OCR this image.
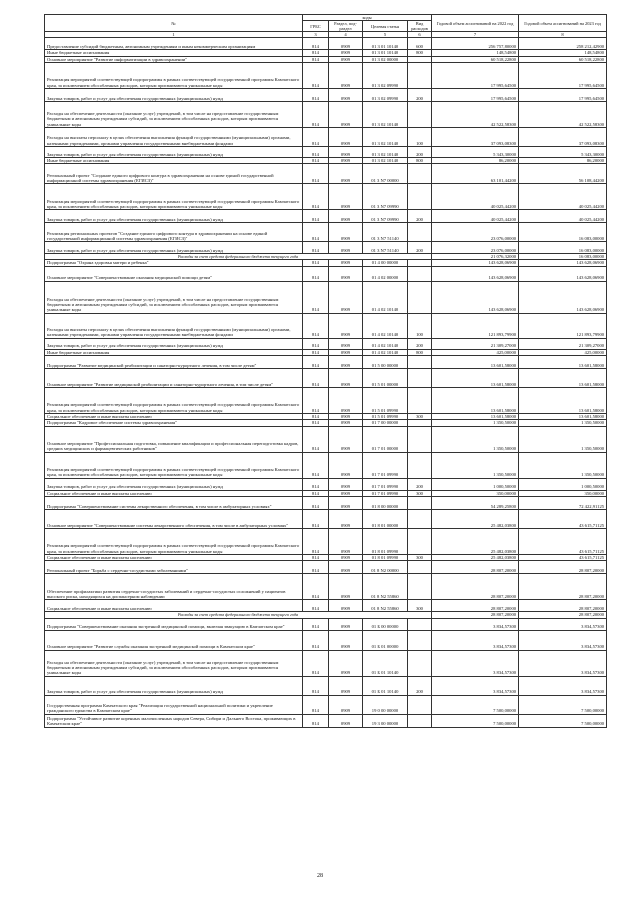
№	коды				Годовой объем ассигнований на 2022 год	Годовой объем ассигнований на 2023 год
	ГРБС	Раздел, под-раздел	Целевая статья	Вид расходов		
1	3	4	5	6	7	8
Предоставление субсидий бюджетным, автономным учреждениям и иным некоммерческим организациям	814	0909	01 3 01 10140	600	256 757,80000	258 212,42900
Иные бюджетные ассигнования	814	0909	01 3 01 10140	800	148,54800	148,54800
Основное мероприятие "Развитие информатизации в здравоохранении"	814	0909	01 3 02 00000		60 518,22800	60 518,22800
Реализация мероприятий соответствующей подпрограммы в рамках соответствующей государственной программы Камчатского края, за исключением обособленных расходов, которым присваиваются уникальные коды	814	0909	01 3 02 09990		17 995,64500	17 995,64500
Закупка товаров, работ и услуг для обеспечения государственных (муниципальных) нужд	814	0909	01 3 02 09990	200	17 995,64500	17 995,64500
Расходы на обеспечение деятельности (оказание услуг) учреждений, в том числе на предоставление государственным бюджетным и автономным учреждениям субсидий, за исключением обособленных расходов, которым присваиваются уникальные коды	814	0909	01 3 02 10140		42 522,58300	42 522,58300
Расходы на выплаты персоналу в целях обеспечения выполнения функций государственными (муниципальными) органами, казенными учреждениями, органами управления государственными внебюджетными фондами	814	0909	01 3 02 10140	100	37 093,08300	37 093,08300
Закупка товаров, работ и услуг для обеспечения государственных (муниципальных) нужд	814	0909	01 3 02 10140	200	5 343,30000	5 343,30000
Иные бюджетные ассигнования	814	0909	01 3 02 10140	800	86,20000	86,20000
Региональный проект "Создание единого цифрового контура в здравоохранении на основе единой государственной информационной системы здравоохранения (ЕГИСЗ)"	814	0909	01 3 N7 00000		63 101,44200	56 108,44200
Реализация мероприятий соответствующей подпрограммы в рамках соответствующей государственной программы Камчатского края, за исключением обособленных расходов, которым присваиваются уникальные коды	814	0909	01 3 N7 09990		40 025,44200	40 025,44200
Закупка товаров, работ и услуг для обеспечения государственных (муниципальных) нужд	814	0909	01 3 N7 09990	200	40 025,44200	40 025,44200
Реализация региональных проектов "Создание единого цифрового контура в здравоохранении на основе единой государственной информационной системы здравоохранения (ЕГИСЗ)"	814	0909	01 3 N7 51140		23 076,00000	16 083,00000
Закупка товаров, работ и услуг для обеспечения государственных (муниципальных) нужд	814	0909	01 3 N7 51140	200	23 076,00000	16 083,00000
Расходы за счет средств федерального бюджета текущего года					21 076,32000	16 083,00000
Подпрограмма "Охрана здоровья матери и ребенка"	814	0909	01 4 00 00000		143 628,06900	143 628,06900
Основное мероприятие "Совершенствование оказания медицинской помощи детям"	814	0909	01 4 02 00000		143 628,06900	143 628,06900
Расходы на обеспечение деятельности (оказание услуг) учреждений, в том числе на предоставление государственным бюджетным и автономным учреждениям субсидий, за исключением обособленных расходов, которым присваиваются уникальные коды	814	0909	01 4 02 10140		143 628,06900	143 628,06900
Расходы на выплаты персоналу в целях обеспечения выполнения функций государственными (муниципальными) органами, казенными учреждениями, органами управления государственными внебюджетными фондами	814	0909	01 4 02 10140	100	121 893,79900	121 893,79900
Закупка товаров, работ и услуг для обеспечения государственных (муниципальных) нужд	814	0909	01 4 02 10140	200	21 309,27000	21 309,27000
Иные бюджетные ассигнования	814	0909	01 4 02 10140	800	425,00000	425,00000
Подпрограмма "Развитие медицинской реабилитации и санаторно-курортного лечения, в том числе детям"	814	0909	01 5 00 00000		13 601,58000	13 601,58000
Основное мероприятие "Развитие медицинской реабилитации и санаторно-курортного лечения, в том числе детям"	814	0909	01 5 01 00000		13 601,58000	13 601,58000
Реализация мероприятий соответствующей подпрограммы в рамках соответствующей государственной программы Камчатского края, за исключением обособленных расходов, которым присваиваются уникальные коды	814	0909	01 5 01 09990		13 601,58000	13 601,58000
Социальное обеспечение и иные выплаты населению	814	0909	01 5 01 09990	300	13 601,58000	13 601,58000
Подпрограмма "Кадровое обеспечение системы здравоохранения"	814	0909	01 7 00 00000		1 350,50000	1 350,50000
Основное мероприятие "Профессиональная подготовка, повышение квалификации и профессиональная переподготовка кадров, средних медицинских и фармацевтических работников"	814	0909	01 7 01 00000		1 350,50000	1 350,50000
Реализация мероприятий соответствующей подпрограммы в рамках соответствующей государственной программы Камчатского края, за исключением обособленных расходов, которым присваиваются уникальные коды	814	0909	01 7 01 09990		1 350,50000	1 350,50000
Закупка товаров, работ и услуг для обеспечения государственных (муниципальных) нужд	814	0909	01 7 01 09990	200	1 000,50000	1 000,50000
Социальное обеспечение и иные выплаты населению	814	0909	01 7 01 09990	300	350,00000	350,00000
Подпрограмма "Совершенствование системы лекарственного обеспечения, в том числе в амбулаторных условиях"	814	0909	01 8 00 00000		54 289,25800	72 422,91125
Основное мероприятие "Совершенствование системы лекарственного обеспечения, в том числе в амбулаторных условиях"	814	0909	01 8 01 00000		25 482,03800	43 615,71125
Реализация мероприятий соответствующей подпрограммы в рамках соответствующей государственной программы Камчатского края, за исключением обособленных расходов, которым присваиваются уникальные коды	814	0909	01 8 01 09990		25 482,03800	43 615,71125
Социальное обеспечение и иные выплаты населению	814	0909	01 8 01 09990	300	25 482,03800	43 615,71125
Региональный проект "Борьба с сердечно-сосудистыми заболеваниями"	814	0909	01 8 N2 00000		28 807,20000	28 807,20000
Обеспечение профилактики развития сердечно-сосудистых заболеваний и сердечно-сосудистых осложнений у пациентов высокого риска, находящихся на диспансерном наблюдении	814	0909	01 8 N2 55860		28 807,20000	28 807,20000
Социальное обеспечение и иные выплаты населению	814	0909	01 8 N2 55860	300	28 807,20000	28 807,20000
Расходы за счет средств федерального бюджета текущего года					28 807,20000	28 807,20000
Подпрограмма "Совершенствование оказания экстренной медицинской помощи, включая эвакуацию в Камчатском крае"	814	0909	01 Б 00 00000		3 834,57300	3 834,57300
Основное мероприятие "Развитие службы оказания экстренной медицинской помощи в Камчатском крае"	814	0909	01 Б 01 00000		3 834,57300	3 834,57300
Расходы на обеспечение деятельности (оказание услуг) учреждений, в том числе на предоставление государственным бюджетным и автономным учреждениям субсидий, за исключением обособленных расходов, которым присваиваются уникальные коды	814	0909	01 Б 01 10140		3 834,57300	3 834,57300
Закупка товаров, работ и услуг для обеспечения государственных (муниципальных) нужд	814	0909	01 Б 01 10140	200	3 834,57300	3 834,57300
Государственная программа Камчатского края "Реализация государственной национальной политики и укрепление гражданского единства в Камчатском крае"	814	0909	19 0 00 00000		7 500,00000	7 500,00000
Подпрограмма "Устойчивое развитие коренных малочисленных народов Севера, Сибири и Дальнего Востока, проживающих в Камчатском крае"	814	0909	19 3 00 00000		7 500,00000	7 500,00000
28
